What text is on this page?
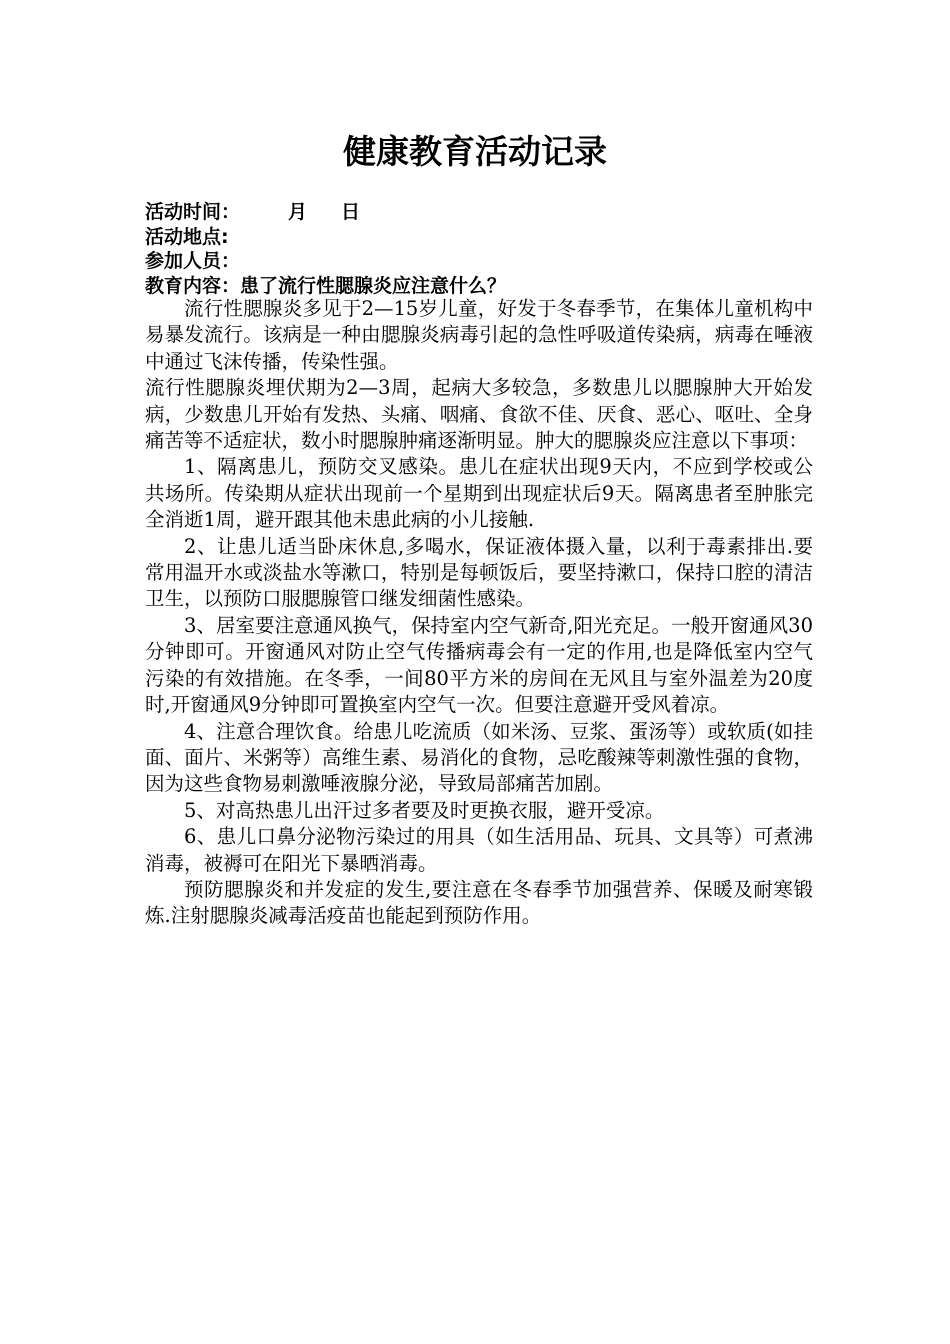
健康教育活动记录
活动时间：	月 日
活动地点:
参加人员：
教育内容：患了流行性腮腺炎应注意什么？

流行性腮腺炎多见于2—15岁儿童，好发于冬春季节，在集体儿童机构中易暴发流行。该病是一种由腮腺炎病毒引起的急性呼吸道传染病，病毒在唾液中通过飞沫传播，传染性强。

流行性腮腺炎埋伏期为2—3周，起病大多较急，多数患儿以腮腺肿大开始发病，少数患儿开始有发热、头痛、咽痛、食欲不佳、厌食、恶心、呕吐、全身痛苦等不适症状，数小时腮腺肿痛逐渐明显。肿大的腮腺炎应注意以下事项：

1、隔离患儿，预防交叉感染。患儿在症状出现9天内，不应到学校或公共场所。传染期从症状出现前一个星期到出现症状后9天。隔离患者至肿胀完全消逝1周，避开跟其他未患此病的小儿接触.

2、让患儿适当卧床休息,多喝水，保证液体摄入量，以利于毒素排出.要常用温开水或淡盐水等漱口，特别是每顿饭后，要坚持漱口，保持口腔的清洁卫生，以预防口服腮腺管口继发细菌性感染。

3、居室要注意通风换气，保持室内空气新奇,阳光充足。一般开窗通风30分钟即可。开窗通风对防止空气传播病毒会有一定的作用,也是降低室内空气污染的有效措施。在冬季，一间80平方米的房间在无风且与室外温差为20度时,开窗通风9分钟即可置换室内空气一次。但要注意避开受风着凉。

4、注意合理饮食。给患儿吃流质（如米汤、豆浆、蛋汤等）或软质(如挂面、面片、米粥等）高维生素、易消化的食物，忌吃酸辣等刺激性强的食物，因为这些食物易刺激唾液腺分泌，导致局部痛苦加剧。

5、对高热患儿出汗过多者要及时更换衣服，避开受凉。

6、患儿口鼻分泌物污染过的用具（如生活用品、玩具、文具等）可煮沸消毒，被褥可在阳光下暴晒消毒。

预防腮腺炎和并发症的发生,要注意在冬春季节加强营养、保暖及耐寒锻炼.注射腮腺炎减毒活疫苗也能起到预防作用。
